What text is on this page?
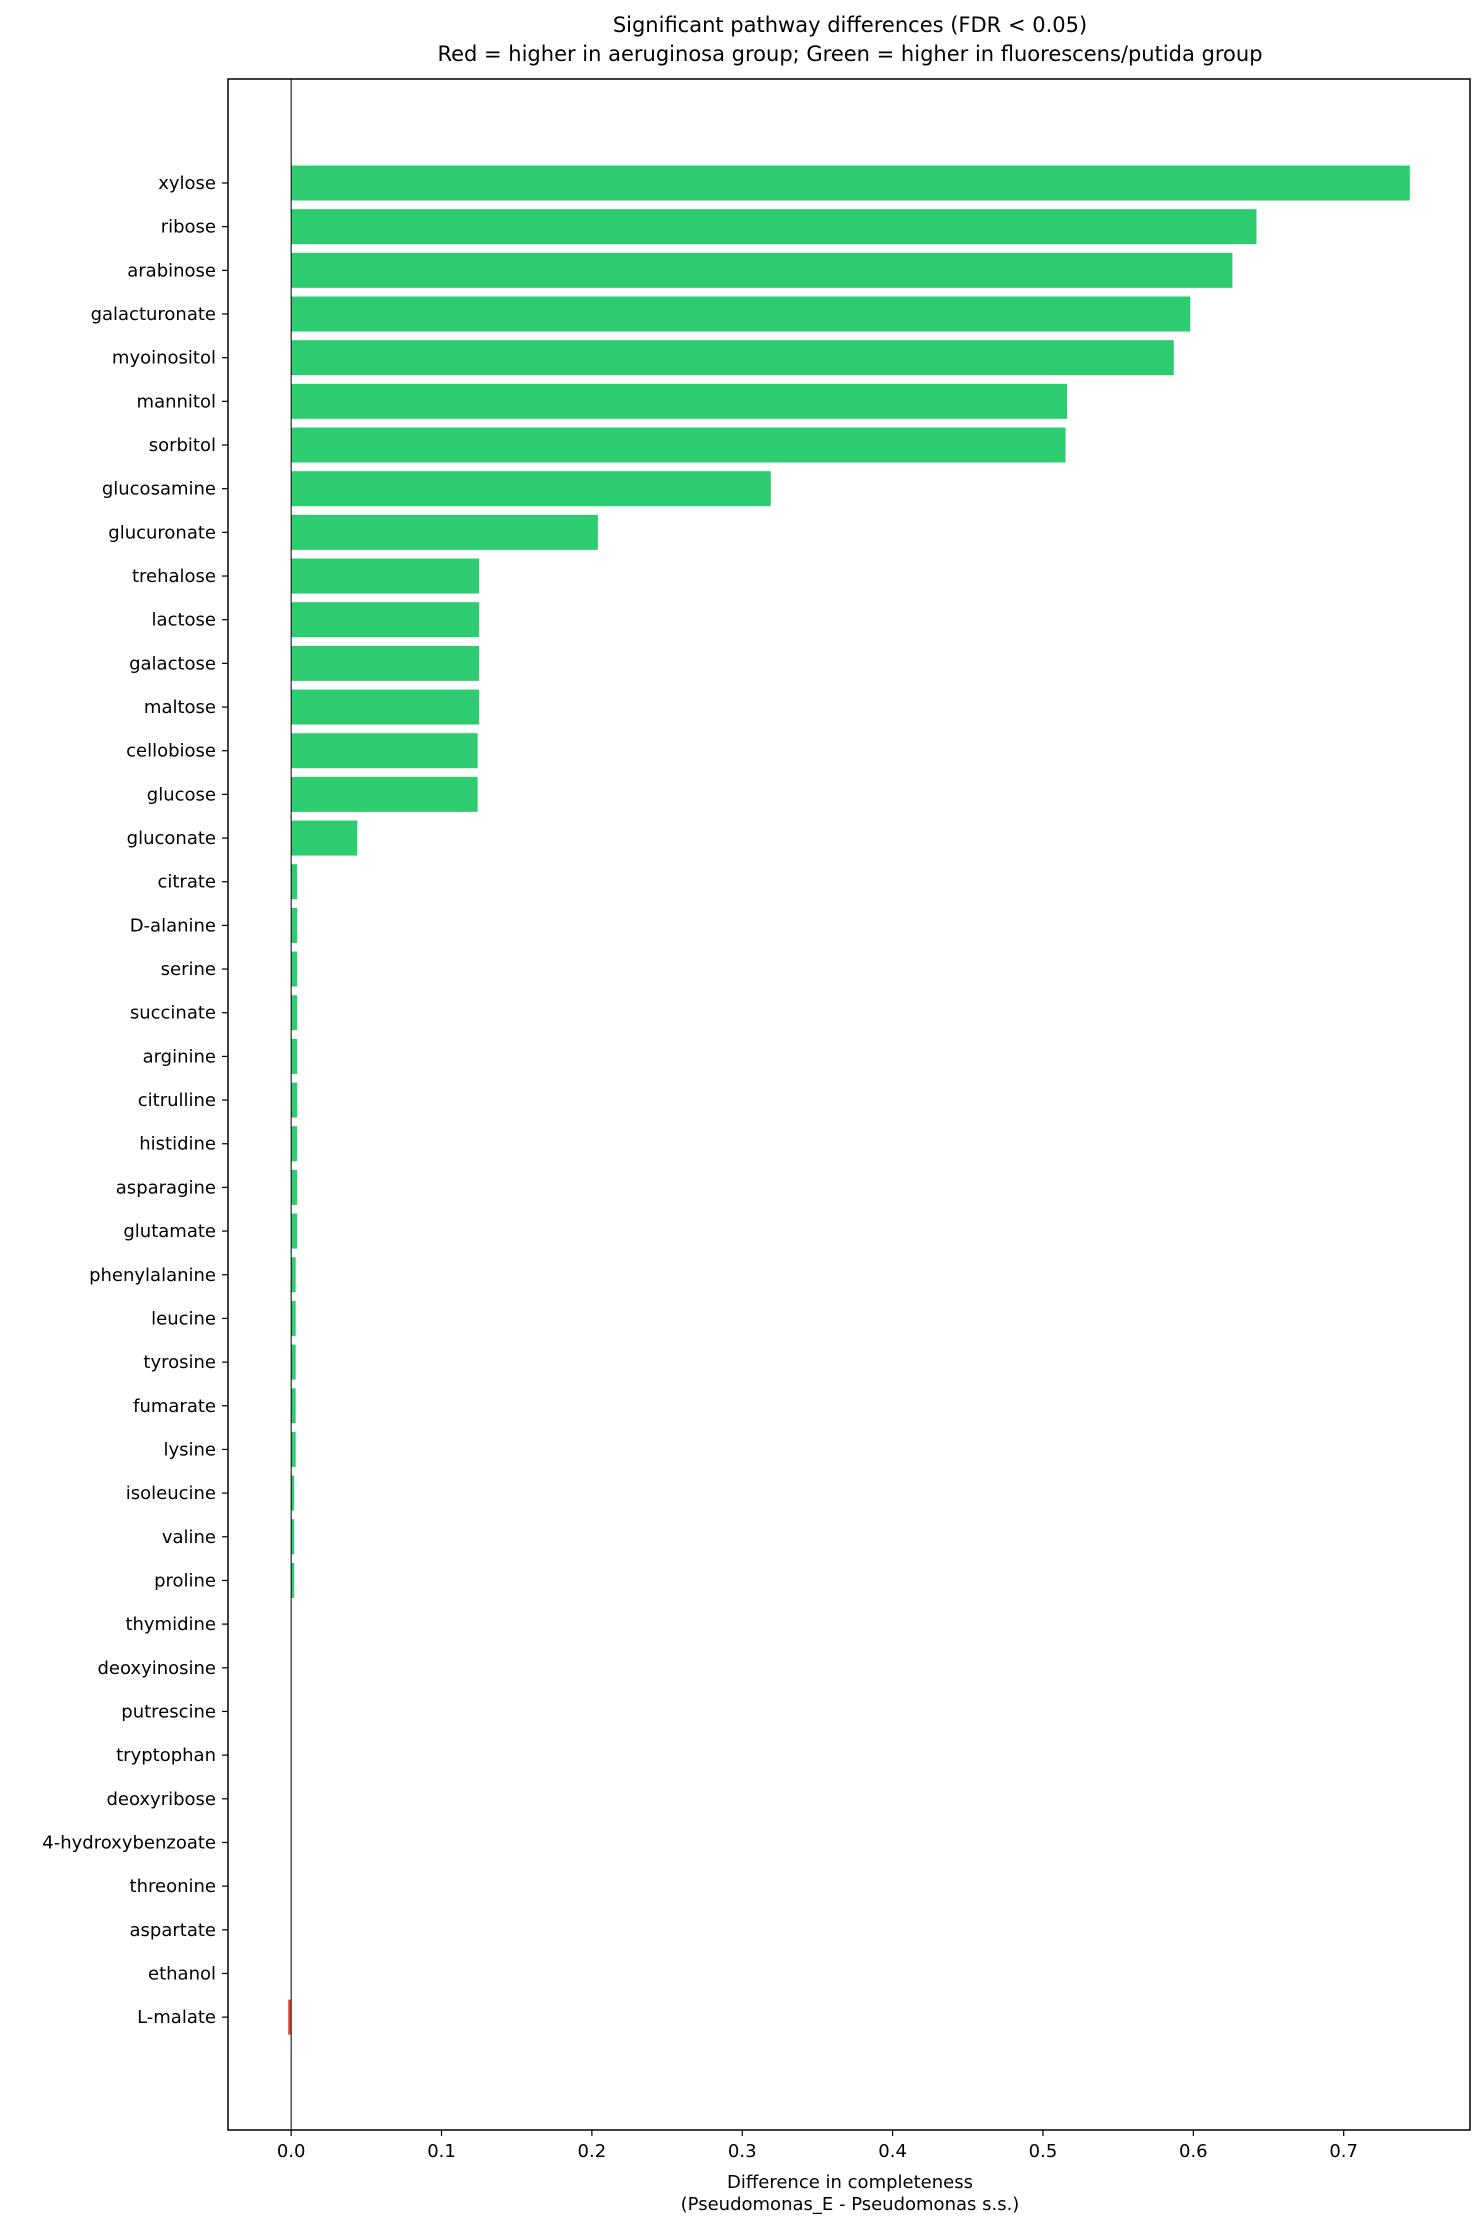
Significant pathway differences (FDR < 0.05)
Red = higher in aeruginosa group; Green = higher in fluorescens/putida group
xylose
ribose
arabinose
galacturonate
myoinositol
mannitol
sorbitol
glucosamine
glucuronate
trehalose
lactose
galactose
maltose
cellobiose
glucose
gluconate
citrate
D-alanine
serine
succinate
arginine
citrulline
histidine
asparagine
glutamate
phenylalanine
leucine
tyrosine
fumarate
lysine
isoleucine
valine
proline
thymidine
deoxyinosine
putrescine
tryptophan
deoxyribose
4-hydroxybenzoate
threonine
aspartate
ethanol
L-malate
0.0	0.1	0.2	0.3	0.4	0.5	0.6	0.7
Difference in completeness
(Pseudomonas_E - Pseudomonas s.s.)
